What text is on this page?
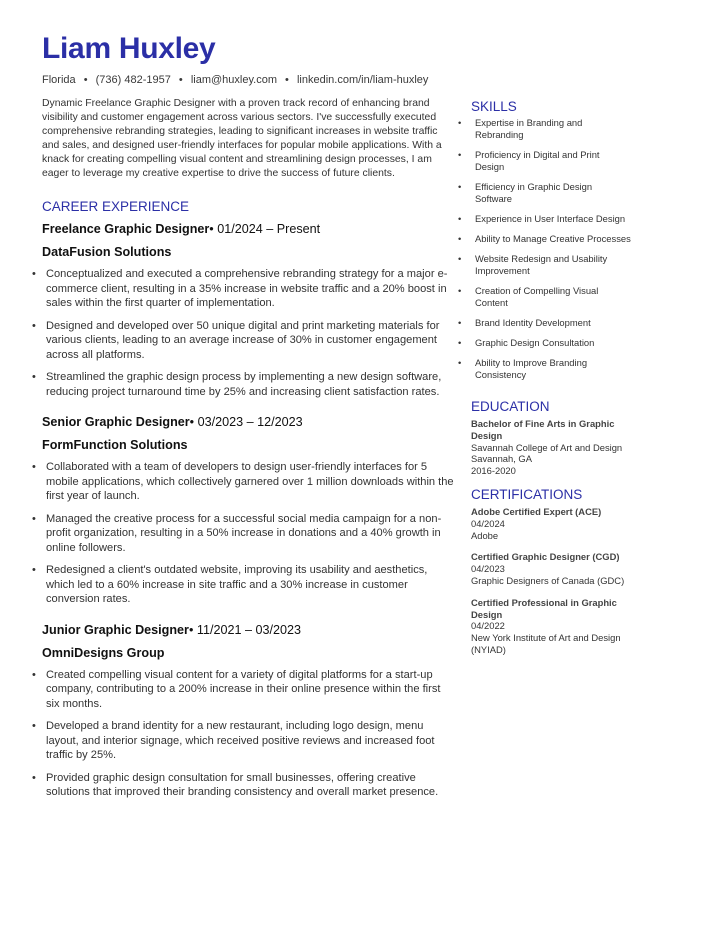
Liam Huxley
Florida • (736) 482-1957 • liam@huxley.com • linkedin.com/in/liam-huxley

Dynamic Freelance Graphic Designer with a proven track record of enhancing brand visibility and customer engagement across various sectors. I've successfully executed comprehensive rebranding strategies, leading to significant increases in website traffic and sales, and designed user-friendly interfaces for popular mobile applications. With a knack for creating compelling visual content and streamlining design processes, I am eager to leverage my creative expertise to drive the success of future clients.

CAREER EXPERIENCE

Freelance Graphic Designer• 01/2024 – Present

DataFusion Solutions

• Conceptualized and executed a comprehensive rebranding strategy for a major e-commerce client, resulting in a 35% increase in website traffic and a 20% boost in sales within the first quarter of implementation.
• Designed and developed over 50 unique digital and print marketing materials for various clients, leading to an average increase of 30% in customer engagement across all platforms.
• Streamlined the graphic design process by implementing a new design software, reducing project turnaround time by 25% and increasing client satisfaction rates.

Senior Graphic Designer• 03/2023 – 12/2023

FormFunction Solutions

• Collaborated with a team of developers to design user-friendly interfaces for 5 mobile applications, which collectively garnered over 1 million downloads within the first year of launch.
• Managed the creative process for a successful social media campaign for a non-profit organization, resulting in a 50% increase in donations and a 40% growth in online followers.
• Redesigned a client's outdated website, improving its usability and aesthetics, which led to a 60% increase in site traffic and a 30% increase in customer conversion rates.

Junior Graphic Designer• 11/2021 – 03/2023

OmniDesigns Group

• Created compelling visual content for a variety of digital platforms for a start-up company, contributing to a 200% increase in their online presence within the first six months.
• Developed a brand identity for a new restaurant, including logo design, menu layout, and interior signage, which received positive reviews and increased foot traffic by 25%.
• Provided graphic design consultation for small businesses, offering creative solutions that improved their branding consistency and overall market presence.
SKILLS
• Expertise in Branding and Rebranding
• Proficiency in Digital and Print Design
• Efficiency in Graphic Design Software
• Experience in User Interface Design
• Ability to Manage Creative Processes
• Website Redesign and Usability Improvement
• Creation of Compelling Visual Content
• Brand Identity Development
• Graphic Design Consultation
• Ability to Improve Branding Consistency
EDUCATION
Bachelor of Fine Arts in Graphic Design
Savannah College of Art and Design
Savannah, GA
2016-2020
CERTIFICATIONS
Adobe Certified Expert (ACE)
04/2024
Adobe
Certified Graphic Designer (CGD)
04/2023
Graphic Designers of Canada (GDC)
Certified Professional in Graphic Design
04/2022
New York Institute of Art and Design (NYIAD)
